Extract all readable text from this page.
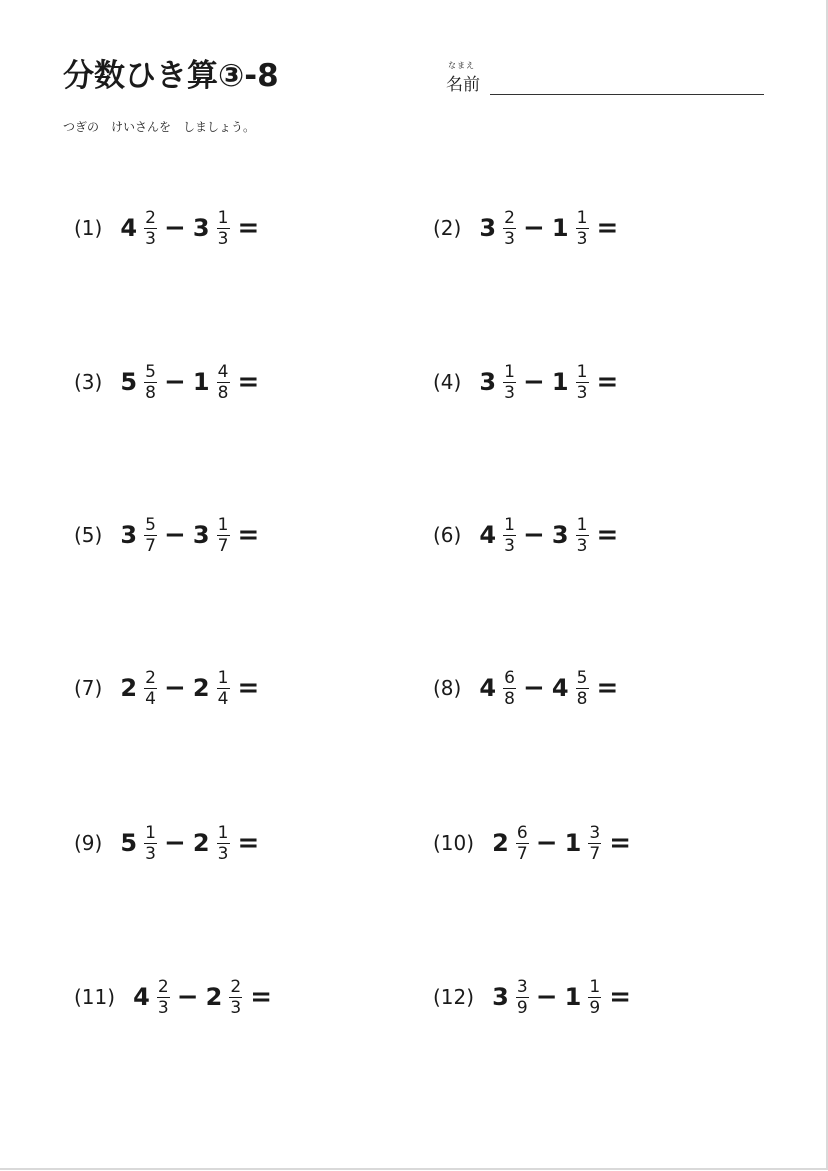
分数ひき算③-8	なまえ
名前
つぎの　けいさんを　しましょう。
(1) $4 \frac{2}{3} - 3 \frac{1}{3}$ =	(2) $3 \frac{2}{3} - 1 \frac{1}{3}$ =
(3) $5 \frac{5}{8} - 1 \frac{4}{8}$ =	(4) $3 \frac{1}{3} - 1 \frac{1}{3}$ =
(5) $3 \frac{5}{7} - 3 \frac{1}{7}$ =	(6) $4 \frac{1}{3} - 3 \frac{1}{3}$ =
(7) $2 \frac{2}{4} - 2 \frac{1}{4}$ =	(8) $4 \frac{6}{8} - 4 \frac{5}{8}$ =
(9) $5 \frac{1}{3} - 2 \frac{1}{3}$ =	(10) $2 \frac{6}{7} - 1 \frac{3}{7}$ =
(11) $4 \frac{2}{3} - 2 \frac{2}{3}$ =	(12) $3 \frac{3}{9} - 1 \frac{1}{9}$ =
